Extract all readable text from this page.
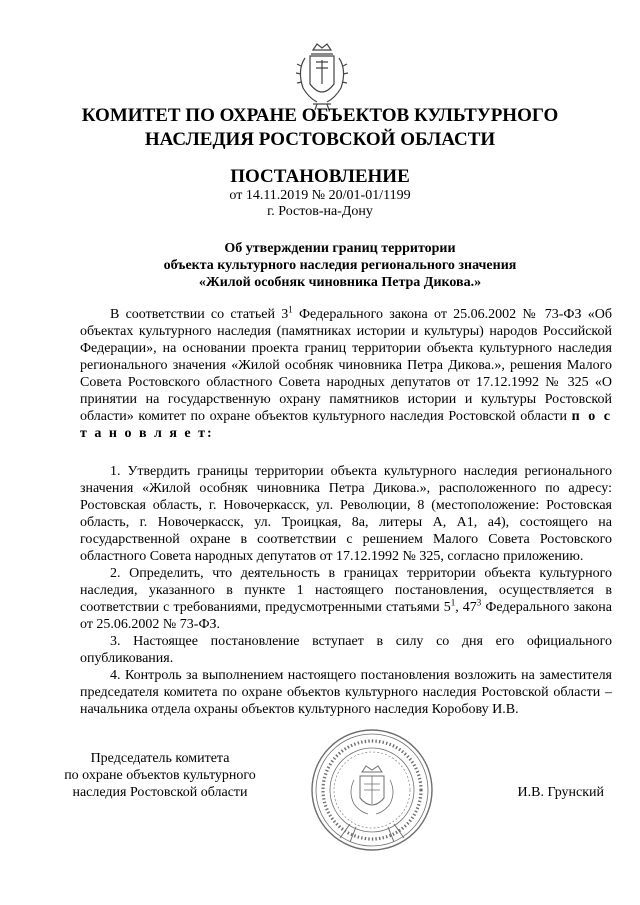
КОМИТЕТ ПО ОХРАНЕ ОБЪЕКТОВ КУЛЬТУРНОГО
НАСЛЕДИЯ РОСТОВСКОЙ ОБЛАСТИ
ПОСТАНОВЛЕНИЕ
от 14.11.2019 № 20/01-01/1199
г. Ростов-на-Дону
Об утверждении границ территории
объекта культурного наследия регионального значения
«Жилой особняк чиновника Петра Дикова.»

В соответствии со статьей $3^1$ Федерального закона от 25.06.2002 № 73-ФЗ «Об объектах культурного наследия (памятниках истории и культуры) народов Российской Федерации», на основании проекта границ территории объекта культурного наследия регионального значения «Жилой особняк чиновника Петра Дикова.», решения Малого Совета Ростовского областного Совета народных депутатов от 17.12.1992 № 325 «О принятии на государственную охрану памятников истории и культуры Ростовской области» комитет по охране объектов культурного наследия Ростовской области п о с т а н о в л я е т:

1. Утвердить границы территории объекта культурного наследия регионального значения «Жилой особняк чиновника Петра Дикова.», расположенного по адресу: Ростовская область, г. Новочеркасск, ул. Революции, 8 (местоположение: Ростовская область, г. Новочеркасск, ул. Троицкая, 8а, литеры А, А1, а4), состоящего на государственной охране в соответствии с решением Малого Совета Ростовского областного Совета народных депутатов от 17.12.1992 № 325, согласно приложению.

2. Определить, что деятельность в границах территории объекта культурного наследия, указанного в пункте 1 настоящего постановления, осуществляется в соответствии с требованиями, предусмотренными статьями $5^1$, $47^3$ Федерального закона от 25.06.2002 № 73-ФЗ.

3. Настоящее постановление вступает в силу со дня его официального опубликования.

4. Контроль за выполнением настоящего постановления возложить на заместителя председателя комитета по охране объектов культурного наследия Ростовской области – начальника отдела охраны объектов культурного наследия Коробову И.В.

Председатель комитета
по охране объектов культурного
наследия Ростовской области	И.В. Грунский
